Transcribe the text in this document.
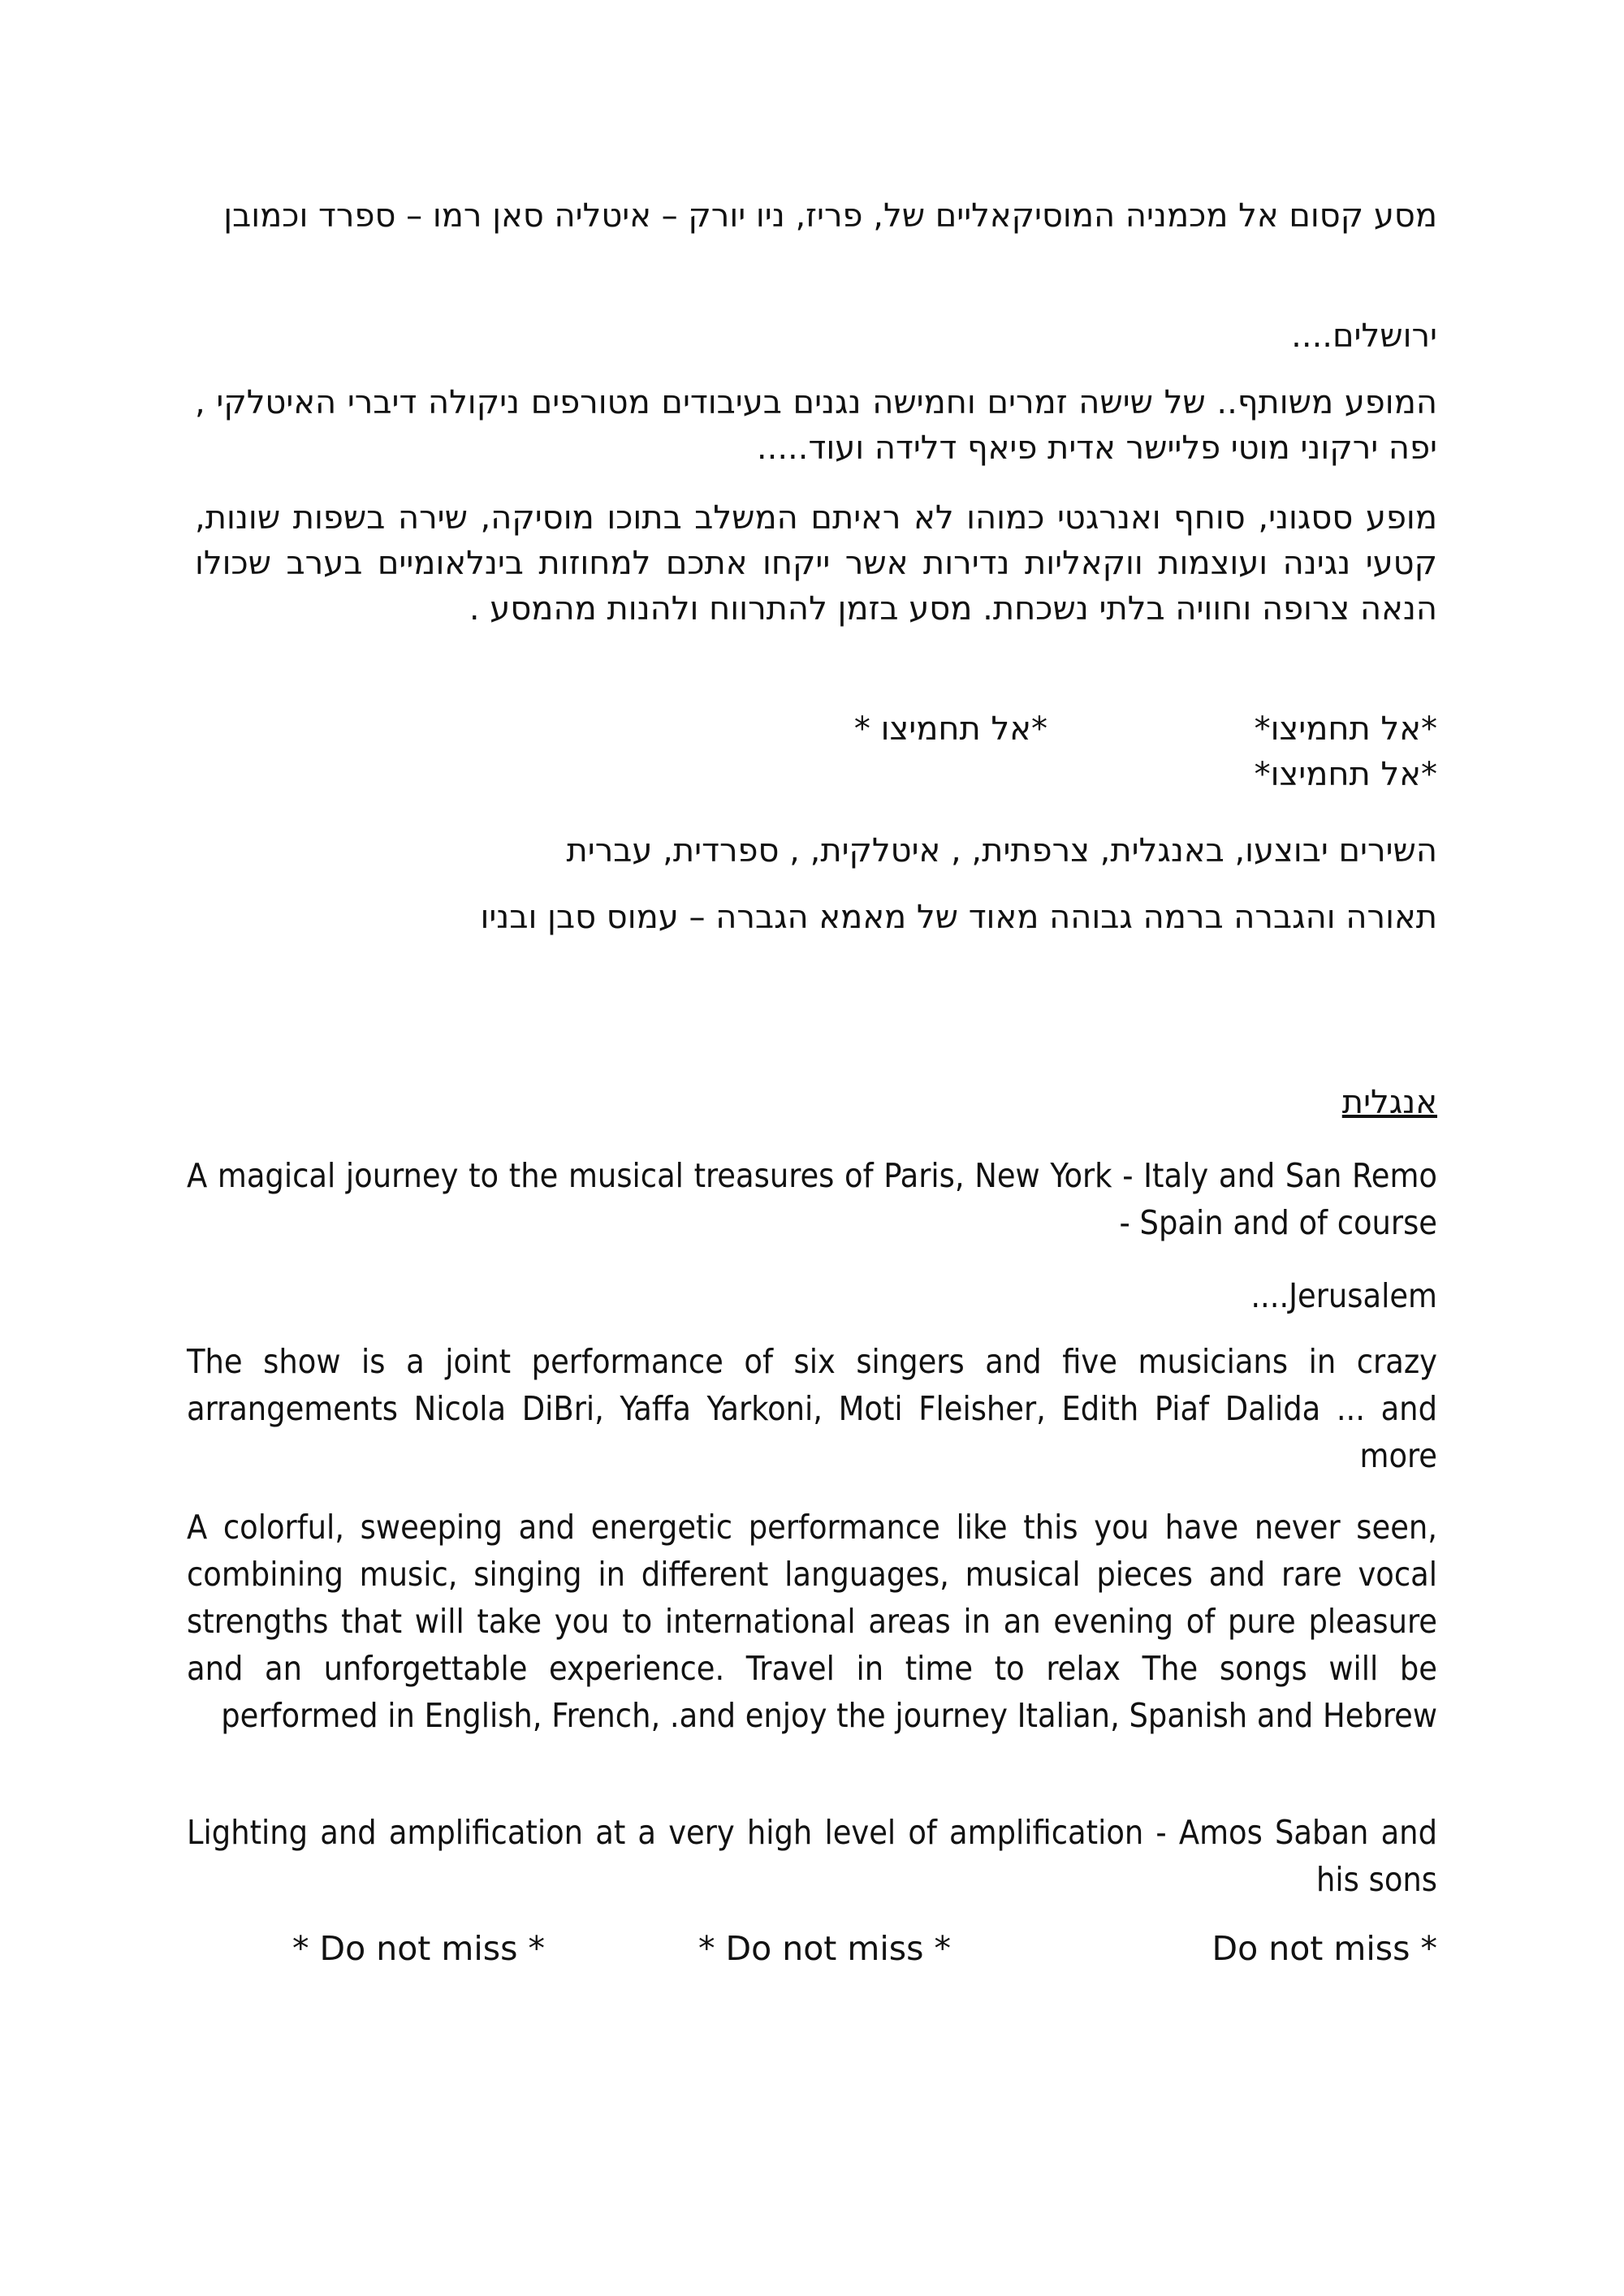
מסע קסום אל מכמניה המוסיקאליים של, פריז, ניו יורק – איטליה סאן רמו – ספרד וכמובן

ירושלים....

המופע משותף.. של שישה זמרים וחמישה נגנים בעיבודים מטורפים ניקולה דיברי האיטלקי , יפה ירקוני מוטי פליישר אדית פיאף דלידה ועוד.....

מופע ססגוני, סוחף ואנרגטי כמוהו לא ראיתם המשלב בתוכו מוסיקה, שירה בשפות שונות, קטעי נגינה ועוצמות ווקאליות נדירות אשר ייקחו אתכם למחוזות בינלאומיים בערב שכולו הנאה צרופה וחוויה בלתי נשכחת. מסע בזמן להתרווח ולהנות מהמסע .

*אל תחמיצו*
*אל תחמיצו *
*אל תחמיצו*

השירים יבוצעו, באנגלית, צרפתית, , איטלקית, , ספרדית, עברית

תאורה והגברה ברמה גבוהה מאוד של מאמא הגברה – עמוס סבן ובניו

אנגלית

A magical journey to the musical treasures of Paris, New York - Italy and San Remo - Spain and of course

....Jerusalem

The show is a joint performance of six singers and five musicians in crazy arrangements Nicola DiBri, Yaffa Yarkoni, Moti Fleisher, Edith Piaf Dalida ... and more

A colorful, sweeping and energetic performance like this you have never seen, combining music, singing in different languages, musical pieces and rare vocal strengths that will take you to international areas in an evening of pure pleasure and an unforgettable experience. Travel in time to relax The songs will be performed in English, French, .and enjoy the journey Italian, Spanish and Hebrew

Lighting and amplification at a very high level of amplification - Amos Saban and his sons

* Do not miss *	* Do not miss *	Do not miss *
